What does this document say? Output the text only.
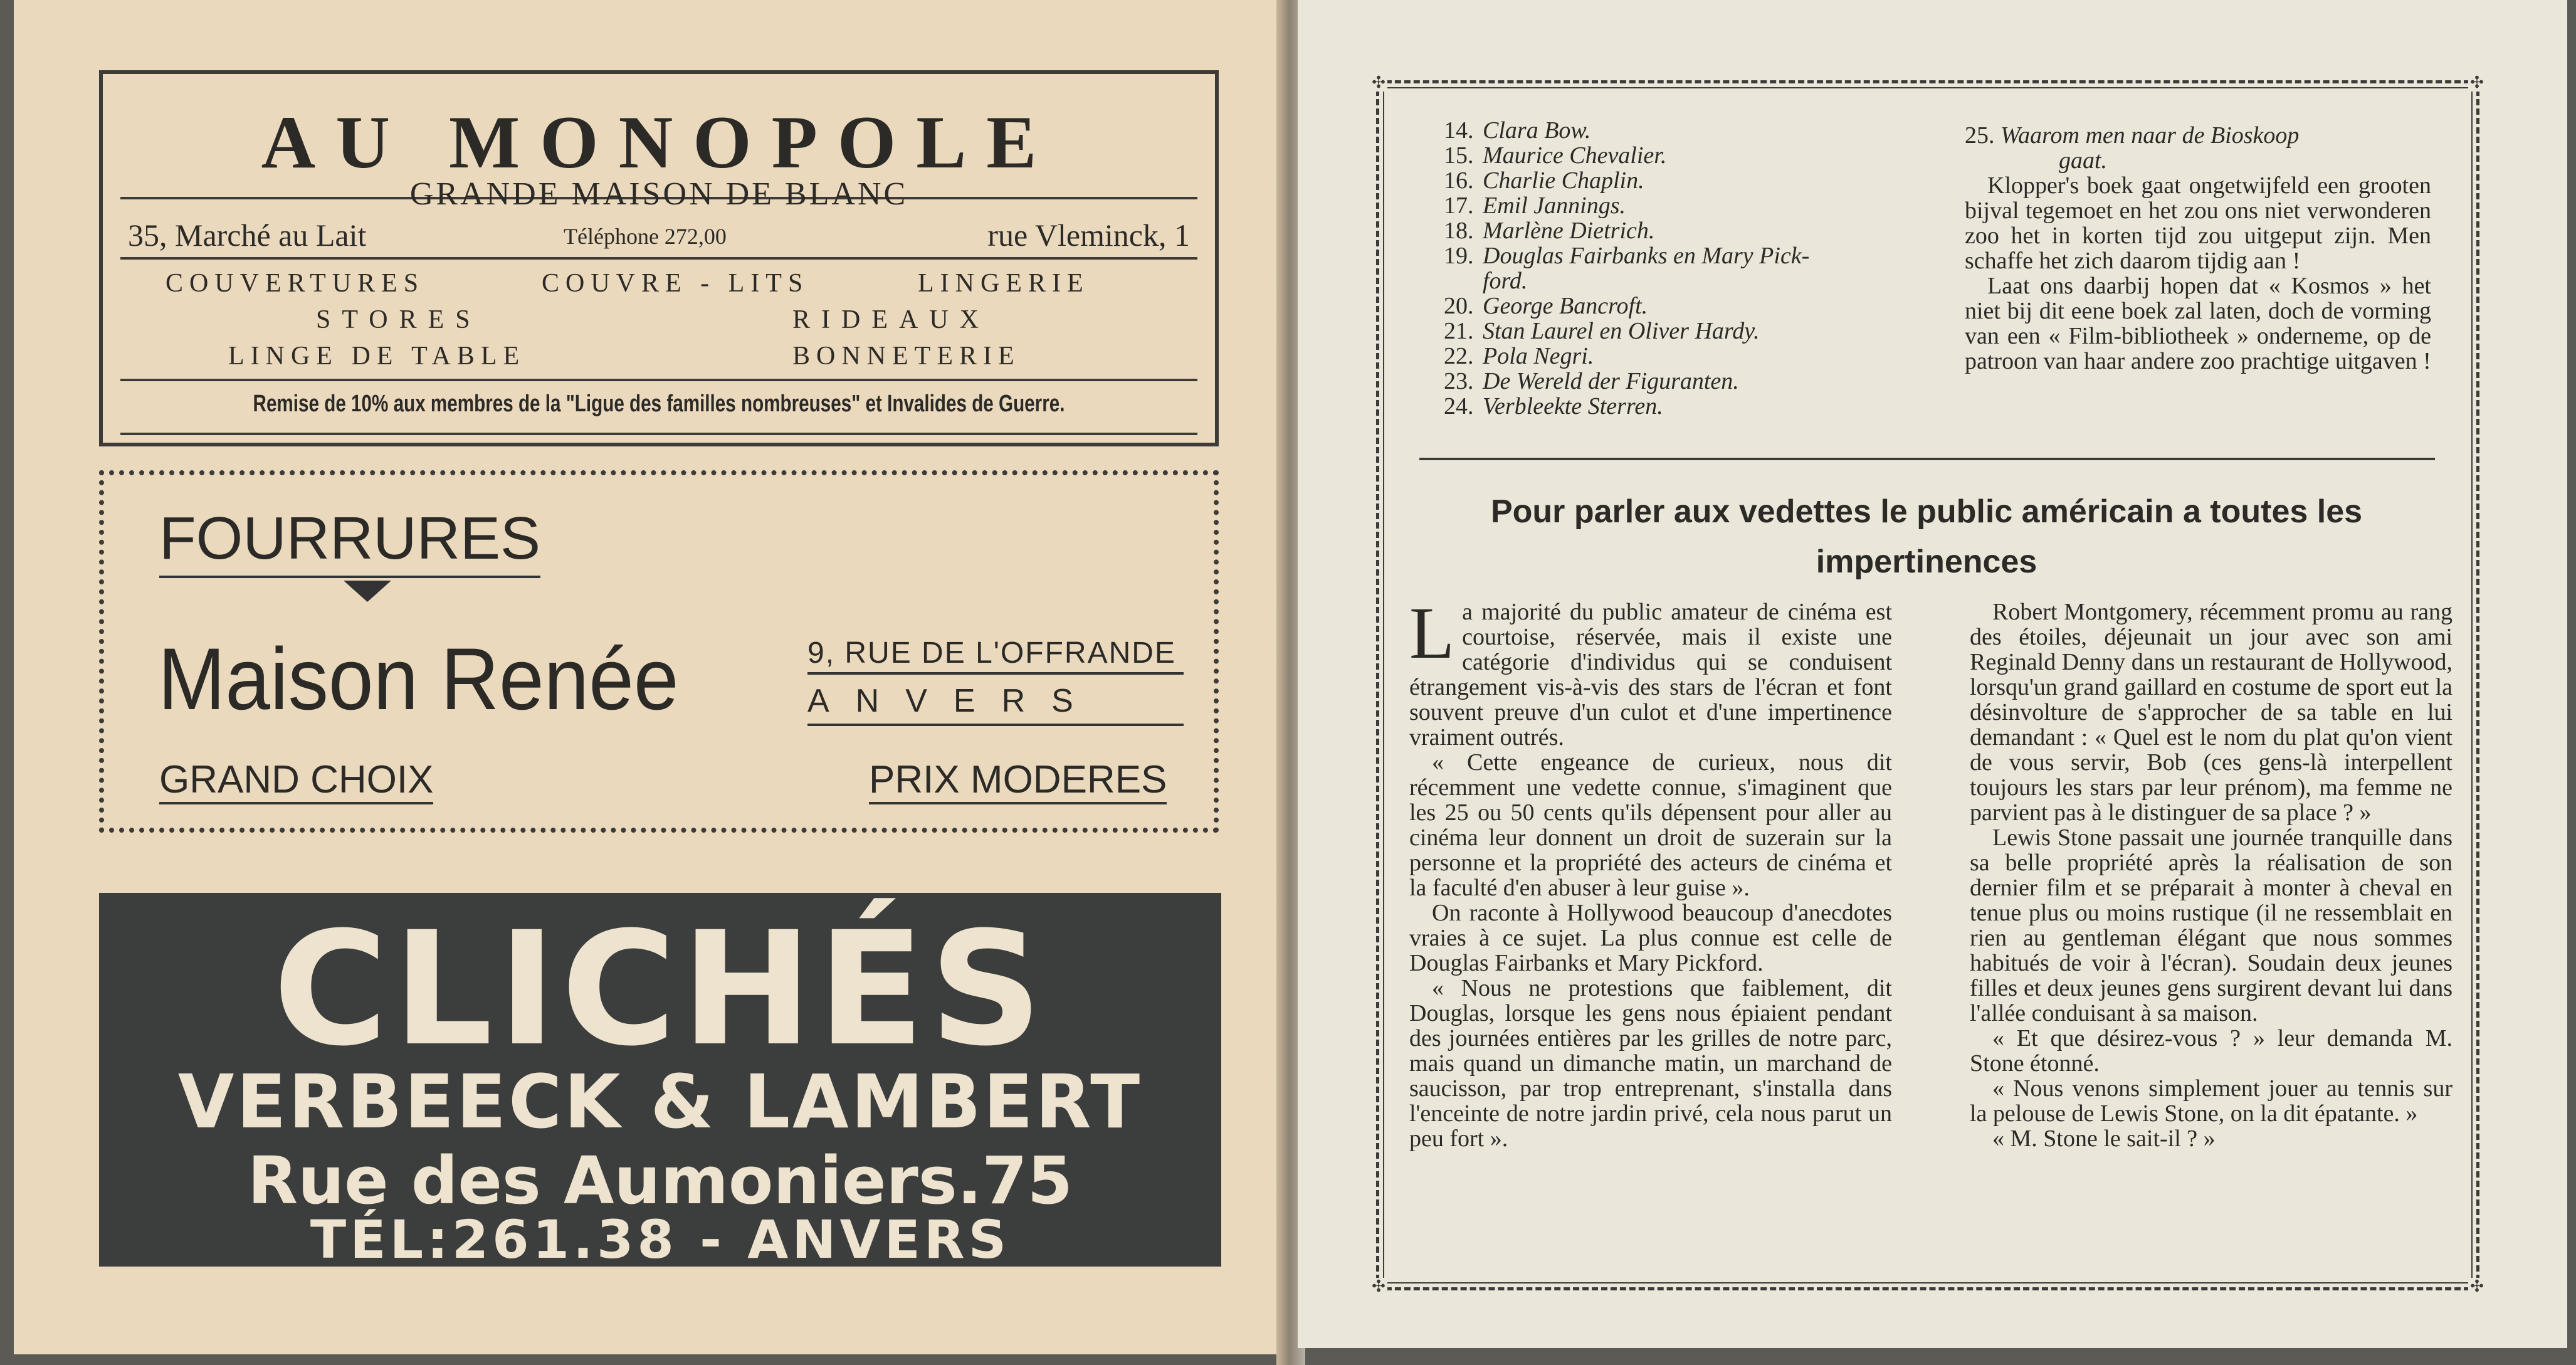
AU MONOPOLE
GRANDE MAISON DE BLANC
35, Marché au Lait	Téléphone 272,00	rue Vleminck, 1
COUVERTURES	COUVRE - LITS	LINGERIE
STORES	RIDEAUX
LINGE DE TABLE	BONNETERIE
Remise de 10% aux membres de la "Ligue des familles nombreuses" et Invalides de Guerre.
FOURRURES
Maison Renée	9, RUE DE L'OFFRANDE
ANVERS
GRAND CHOIX	PRIX MODERES
CLICHÉS
VERBEECK & LAMBERT
Rue des Aumoniers.75
TÉL:261.38 - ANVERS
✣	✣
✣	✣
14. Clara Bow.
15. Maurice Chevalier.
16. Charlie Chaplin.
17. Emil Jannings.
18. Marlène Dietrich.
19. Douglas Fairbanks en Mary Pick-
ford.
20. George Bancroft.
21. Stan Laurel en Oliver Hardy.
22. Pola Negri.
23. De Wereld der Figuranten.
24. Verbleekte Sterren.
25. Waarom men naar de Bioskoop
gaat.

Klopper's boek gaat ongetwijfeld een grooten bijval tegemoet en het zou ons niet verwonderen zoo het in korten tijd zou uitgeput zijn. Men schaffe het zich daarom tijdig aan !

Laat ons daarbij hopen dat « Kosmos » het niet bij dit eene boek zal laten, doch de vorming van een « Film-bibliotheek » onderneme, op de patroon van haar andere zoo prachtige uitgaven !

Pour parler aux vedettes le public américain a toutes les impertinences

La majorité du public amateur de cinéma est courtoise, réservée, mais il existe une catégorie d'individus qui se conduisent étrangement vis-à-vis des stars de l'écran et font souvent preuve d'un culot et d'une impertinence vraiment outrés.

« Cette engeance de curieux, nous dit récemment une vedette connue, s'imaginent que les 25 ou 50 cents qu'ils dépensent pour aller au cinéma leur donnent un droit de suzerain sur la personne et la propriété des acteurs de cinéma et la faculté d'en abuser à leur guise ».

On raconte à Hollywood beaucoup d'anecdotes vraies à ce sujet. La plus connue est celle de Douglas Fairbanks et Mary Pickford.

« Nous ne protestions que faiblement, dit Douglas, lorsque les gens nous épiaient pendant des journées entières par les grilles de notre parc, mais quand un dimanche matin, un marchand de saucisson, par trop entreprenant, s'installa dans l'enceinte de notre jardin privé, cela nous parut un peu fort ».

Robert Montgomery, récemment promu au rang des étoiles, déjeunait un jour avec son ami Reginald Denny dans un restaurant de Hollywood, lorsqu'un grand gaillard en costume de sport eut la désinvolture de s'approcher de sa table en lui demandant : « Quel est le nom du plat qu'on vient de vous servir, Bob (ces gens-là interpellent toujours les stars par leur prénom), ma femme ne parvient pas à le distinguer de sa place ? »

Lewis Stone passait une journée tranquille dans sa belle propriété après la réalisation de son dernier film et se préparait à monter à cheval en tenue plus ou moins rustique (il ne ressemblait en rien au gentleman élégant que nous sommes habitués de voir à l'écran). Soudain deux jeunes filles et deux jeunes gens surgirent devant lui dans l'allée conduisant à sa maison.

« Et que désirez-vous ? » leur demanda M. Stone étonné.

« Nous venons simplement jouer au tennis sur la pelouse de Lewis Stone, on la dit épatante. »

« M. Stone le sait-il ? »
